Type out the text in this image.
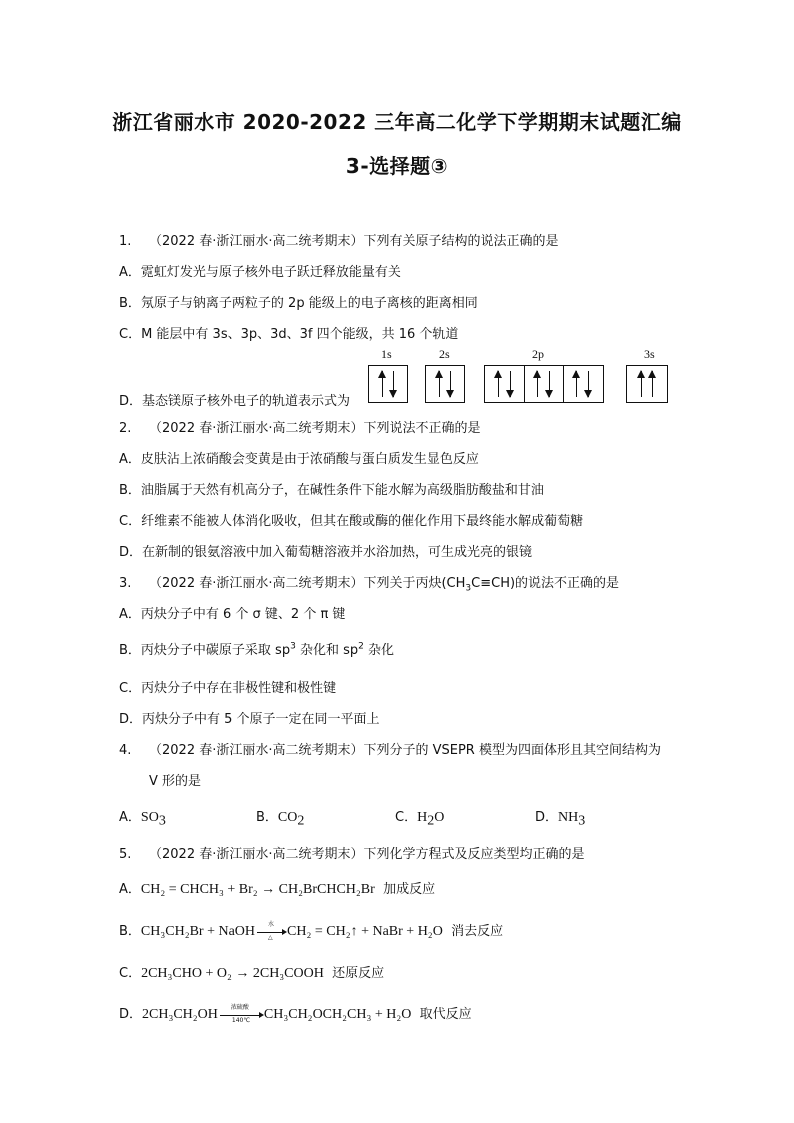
浙江省丽水市 2020-2022 三年高二化学下学期期末试题汇编
3-选择题③
1. （2022 春·浙江丽水·高二统考期末）下列有关原子结构的说法正确的是
A．霓虹灯发光与原子核外电子跃迁释放能量有关
B．氖原子与钠离子两粒子的 2p 能级上的电子离核的距离相同
C．M 能层中有 3s、3p、3d、3f 四个能级，共 16 个轨道
D．基态镁原子核外电子的轨道表示式为
1s	2s	2p	3s
2. （2022 春·浙江丽水·高二统考期末）下列说法不正确的是
A．皮肤沾上浓硝酸会变黄是由于浓硝酸与蛋白质发生显色反应
B．油脂属于天然有机高分子，在碱性条件下能水解为高级脂肪酸盐和甘油
C．纤维素不能被人体消化吸收，但其在酸或酶的催化作用下最终能水解成葡萄糖
D．在新制的银氨溶液中加入葡萄糖溶液并水浴加热，可生成光亮的银镜
3. （2022 春·浙江丽水·高二统考期末）下列关于丙炔$(CH_3C\equiv CH)$的说法不正确的是
A．丙炔分子中有 6 个 σ 键、2 个 π 键
B．丙炔分子中碳原子采取 $sp^3$ 杂化和 $sp^2$ 杂化
C．丙炔分子中存在非极性键和极性键
D．丙炔分子中有 5 个原子一定在同一平面上
4. （2022 春·浙江丽水·高二统考期末）下列分子的 VSEPR 模型为四面体形且其空间结构为
V 形的是
A．$SO_3$	B．$CO_2$	C．$H_2O$	D．$NH_3$
5. （2022 春·浙江丽水·高二统考期末）下列化学方程式及反应类型均正确的是
A．CH₂ = CHCH₃ + Br₂ → CH₂BrCHCH₂Br 加成反应
B．CH₃CH₂Br + NaOH 水
△ CH₂ = CH₂↑ + NaBr + H₂O 消去反应
C．2CH₃CHO + O₂ → 2CH₃COOH 还原反应
D．2CH₃CH₂OH 浓硫酸
140℃ CH₃CH₂OCH₂CH₃ + H₂O 取代反应
